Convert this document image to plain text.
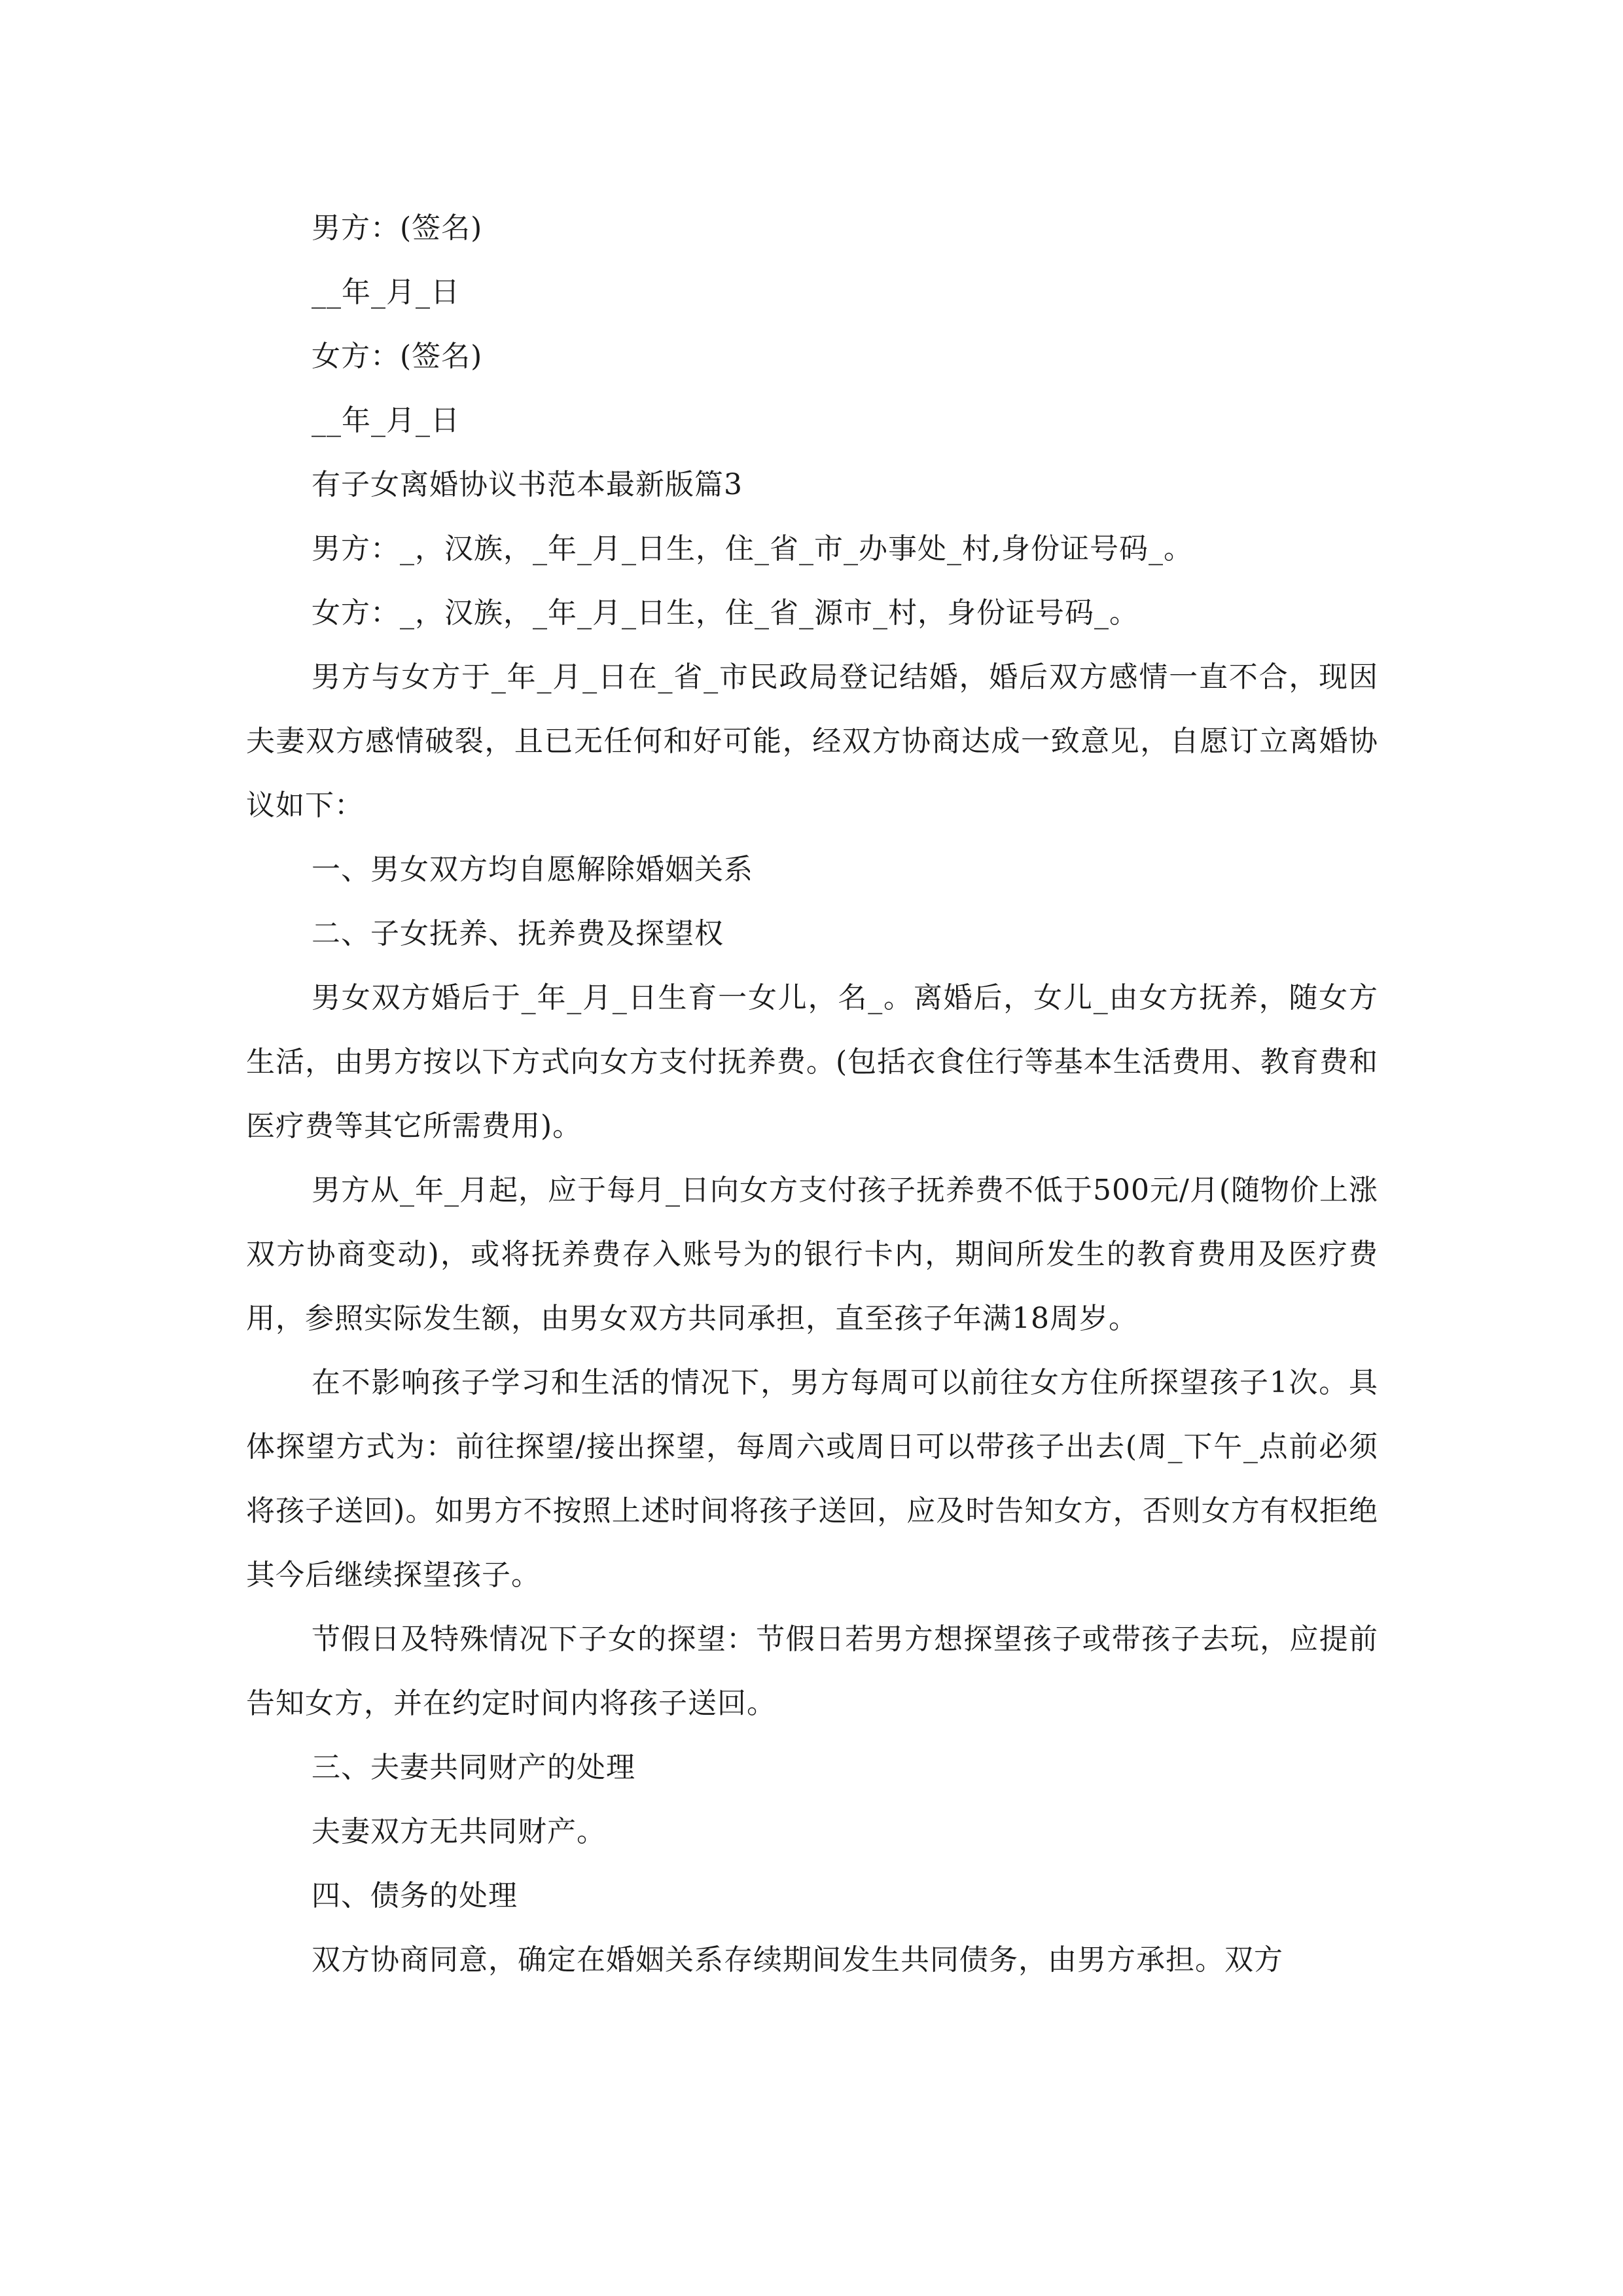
男方：(签名)

__年_月_日

女方：(签名)

__年_月_日

有子女离婚协议书范本最新版篇3

男方：_，汉族，_年_月_日生，住_省_市_办事处_村,身份证号码_。

女方：_，汉族，_年_月_日生，住_省_源市_村，身份证号码_。

男方与女方于_年_月_日在_省_市民政局登记结婚，婚后双方感情一直不合，现因夫妻双方感情破裂，且已无任何和好可能，经双方协商达成一致意见，自愿订立离婚协议如下：

一、男女双方均自愿解除婚姻关系

二、子女抚养、抚养费及探望权

男女双方婚后于_年_月_日生育一女儿，名_。离婚后，女儿_由女方抚养，随女方生活，由男方按以下方式向女方支付抚养费。(包括衣食住行等基本生活费用、教育费和医疗费等其它所需费用)。

男方从_年_月起，应于每月_日向女方支付孩子抚养费不低于500元/月(随物价上涨双方协商变动)，或将抚养费存入账号为的银行卡内，期间所发生的教育费用及医疗费用，参照实际发生额，由男女双方共同承担，直至孩子年满18周岁。

在不影响孩子学习和生活的情况下，男方每周可以前往女方住所探望孩子1次。具体探望方式为：前往探望/接出探望，每周六或周日可以带孩子出去(周_下午_点前必须将孩子送回)。如男方不按照上述时间将孩子送回，应及时告知女方，否则女方有权拒绝其今后继续探望孩子。

节假日及特殊情况下子女的探望：节假日若男方想探望孩子或带孩子去玩，应提前告知女方，并在约定时间内将孩子送回。

三、夫妻共同财产的处理

夫妻双方无共同财产。

四、债务的处理

双方协商同意，确定在婚姻关系存续期间发生共同债务，由男方承担。双方
